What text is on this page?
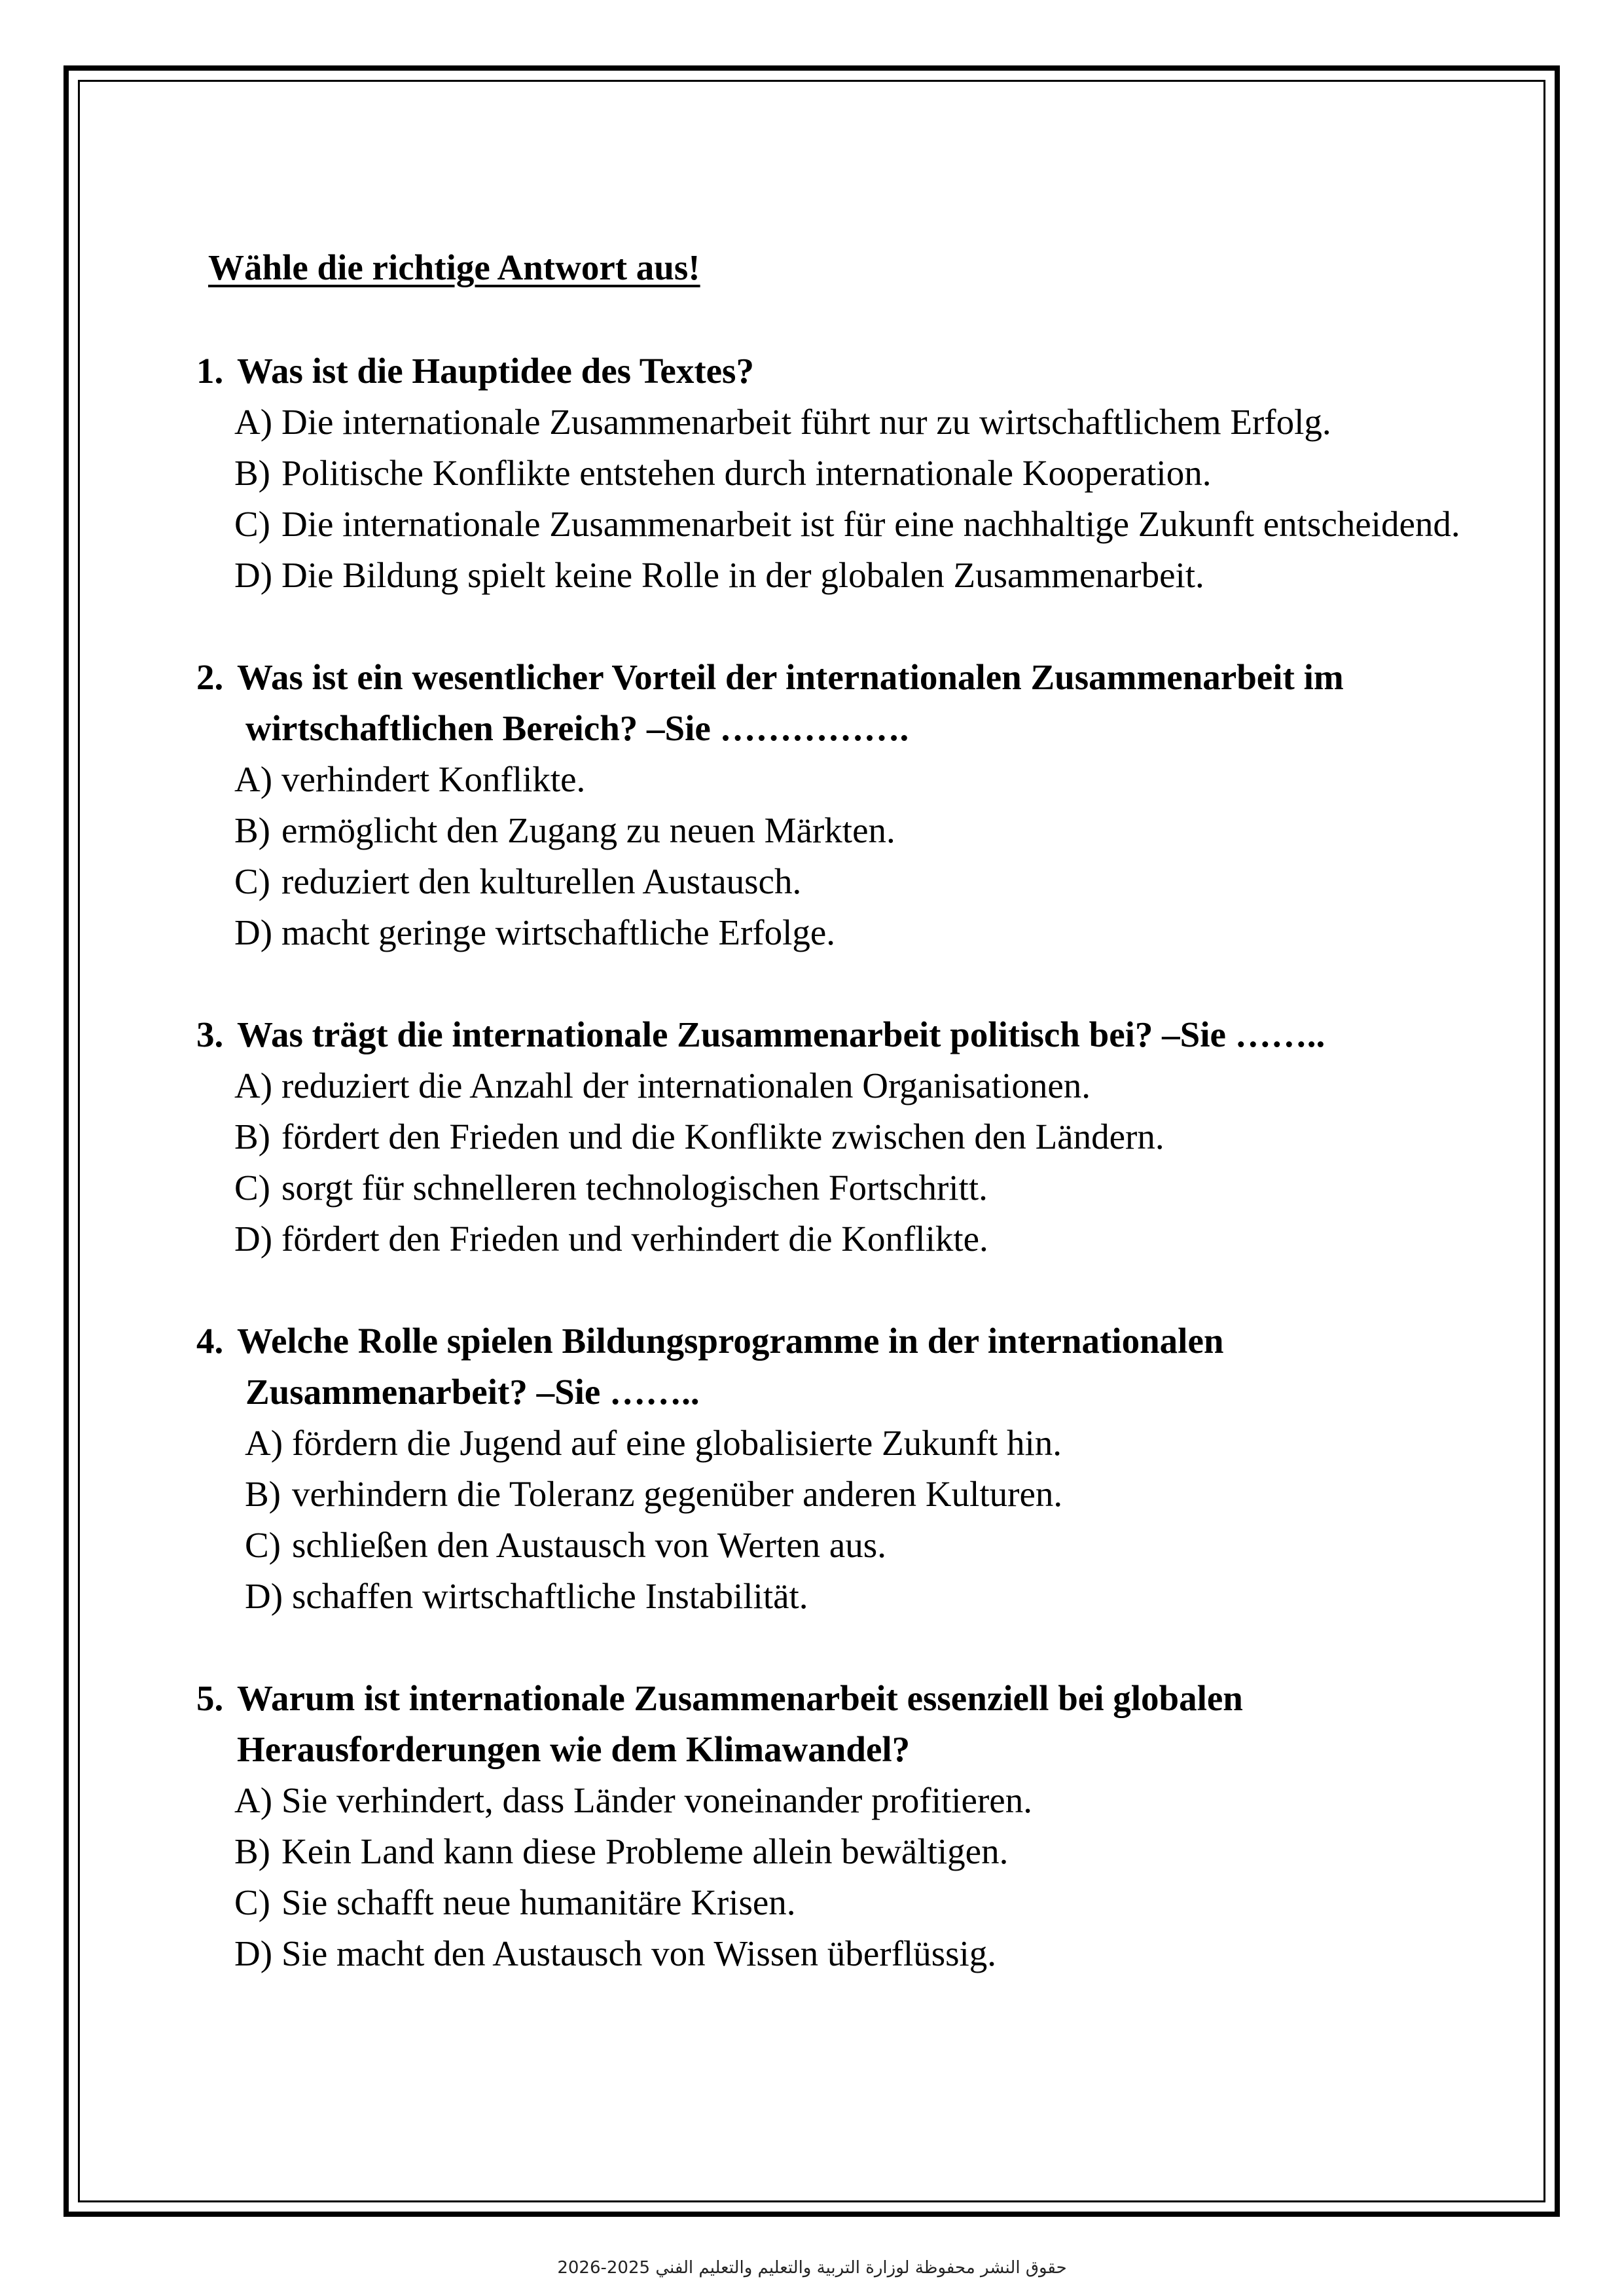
Wähle die richtige Antwort aus!
1. Was ist die Hauptidee des Textes?
A) Die internationale Zusammenarbeit führt nur zu wirtschaftlichem Erfolg.
B) Politische Konflikte entstehen durch internationale Kooperation.
C) Die internationale Zusammenarbeit ist für eine nachhaltige Zukunft entscheidend.
D) Die Bildung spielt keine Rolle in der globalen Zusammenarbeit.
2. Was ist ein wesentlicher Vorteil der internationalen Zusammenarbeit im wirtschaftlichen Bereich? –Sie …………….
A) verhindert Konflikte.
B) ermöglicht den Zugang zu neuen Märkten.
C) reduziert den kulturellen Austausch.
D) macht geringe wirtschaftliche Erfolge.
3. Was trägt die internationale Zusammenarbeit politisch bei? –Sie ……..
A) reduziert die Anzahl der internationalen Organisationen.
B) fördert den Frieden und die Konflikte zwischen den Ländern.
C) sorgt für schnelleren technologischen Fortschritt.
D) fördert den Frieden und verhindert die Konflikte.
4. Welche Rolle spielen Bildungsprogramme in der internationalen Zusammenarbeit? –Sie ……..
A) fördern die Jugend auf eine globalisierte Zukunft hin.
B) verhindern die Toleranz gegenüber anderen Kulturen.
C) schließen den Austausch von Werten aus.
D) schaffen wirtschaftliche Instabilität.
5. Warum ist internationale Zusammenarbeit essenziell bei globalen Herausforderungen wie dem Klimawandel?
A) Sie verhindert, dass Länder voneinander profitieren.
B) Kein Land kann diese Probleme allein bewältigen.
C) Sie schafft neue humanitäre Krisen.
D) Sie macht den Austausch von Wissen überflüssig.
حقوق النشر محفوظة لوزارة التربية والتعليم والتعليم الفني 2025-2026
